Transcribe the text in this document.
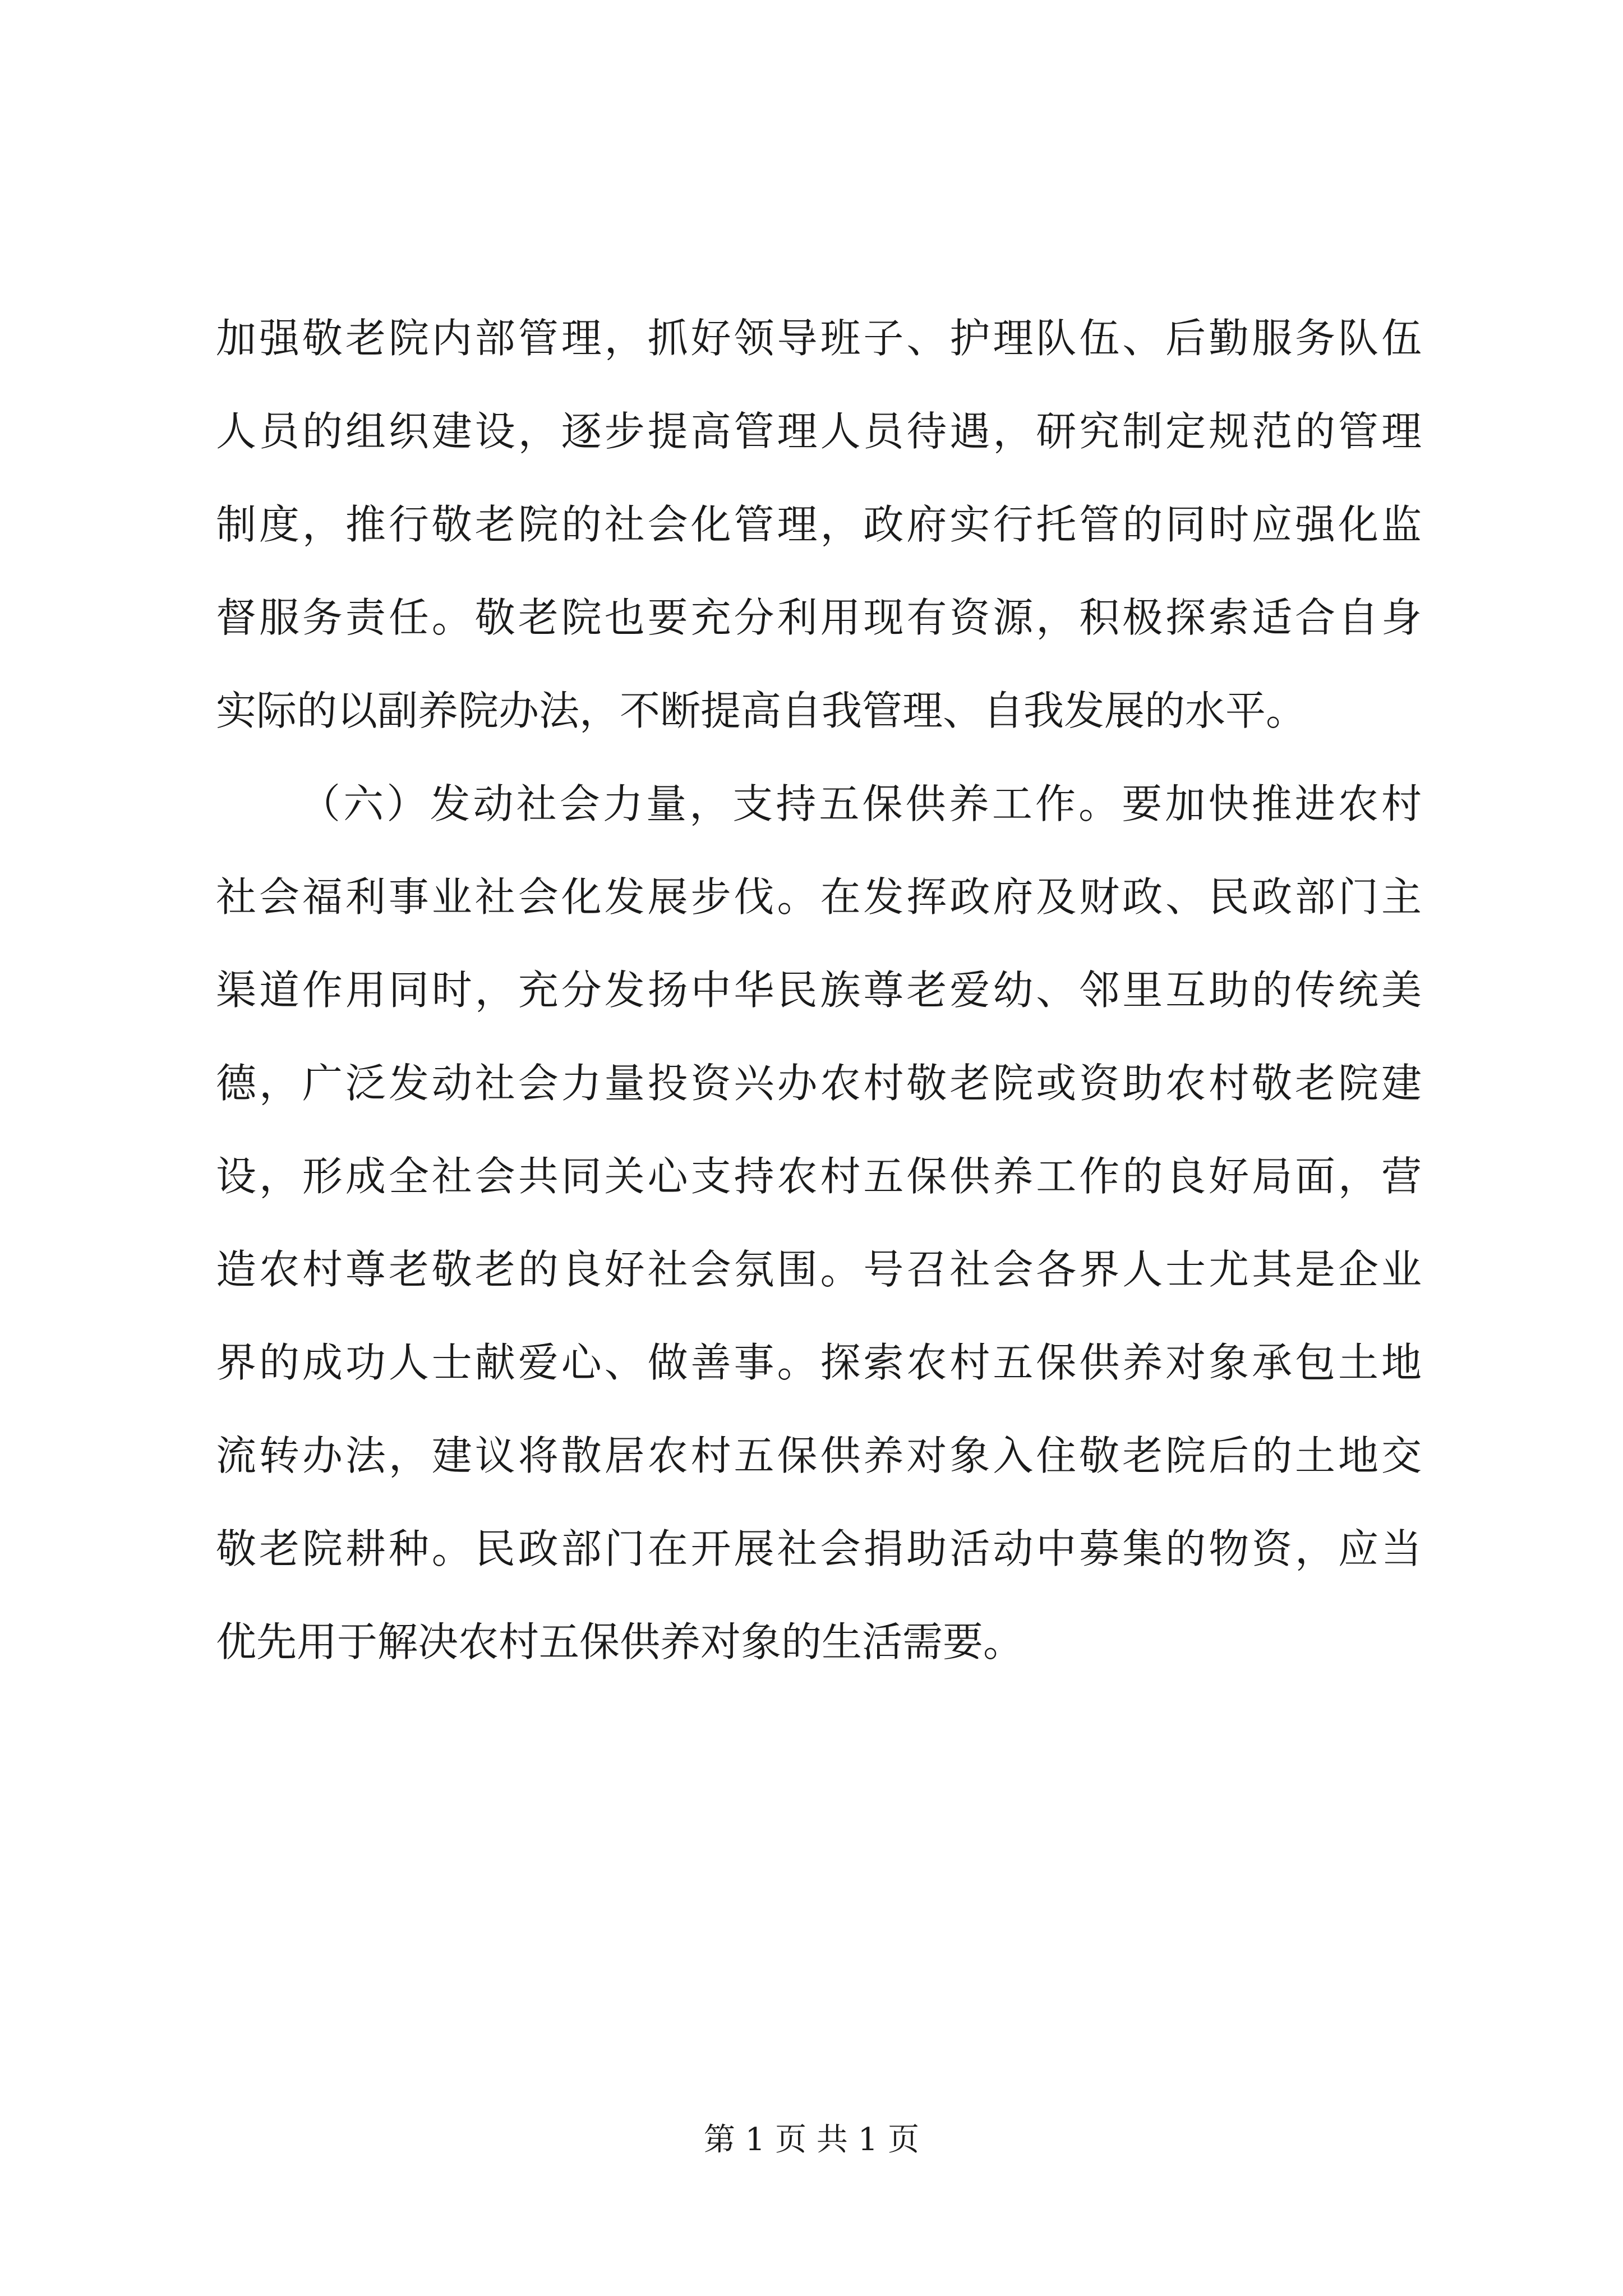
加强敬老院内部管理，抓好领导班子、护理队伍、后勤服务队伍
人员的组织建设，逐步提高管理人员待遇，研究制定规范的管理
制度，推行敬老院的社会化管理，政府实行托管的同时应强化监
督服务责任。敬老院也要充分利用现有资源，积极探索适合自身
实际的以副养院办法，不断提高自我管理、自我发展的水平。
（六）发动社会力量，支持五保供养工作。要加快推进农村
社会福利事业社会化发展步伐。在发挥政府及财政、民政部门主
渠道作用同时，充分发扬中华民族尊老爱幼、邻里互助的传统美
德，广泛发动社会力量投资兴办农村敬老院或资助农村敬老院建
设，形成全社会共同关心支持农村五保供养工作的良好局面，营
造农村尊老敬老的良好社会氛围。号召社会各界人士尤其是企业
界的成功人士献爱心、做善事。探索农村五保供养对象承包土地
流转办法，建议将散居农村五保供养对象入住敬老院后的土地交
敬老院耕种。民政部门在开展社会捐助活动中募集的物资，应当
优先用于解决农村五保供养对象的生活需要。
第 1 页 共 1 页
